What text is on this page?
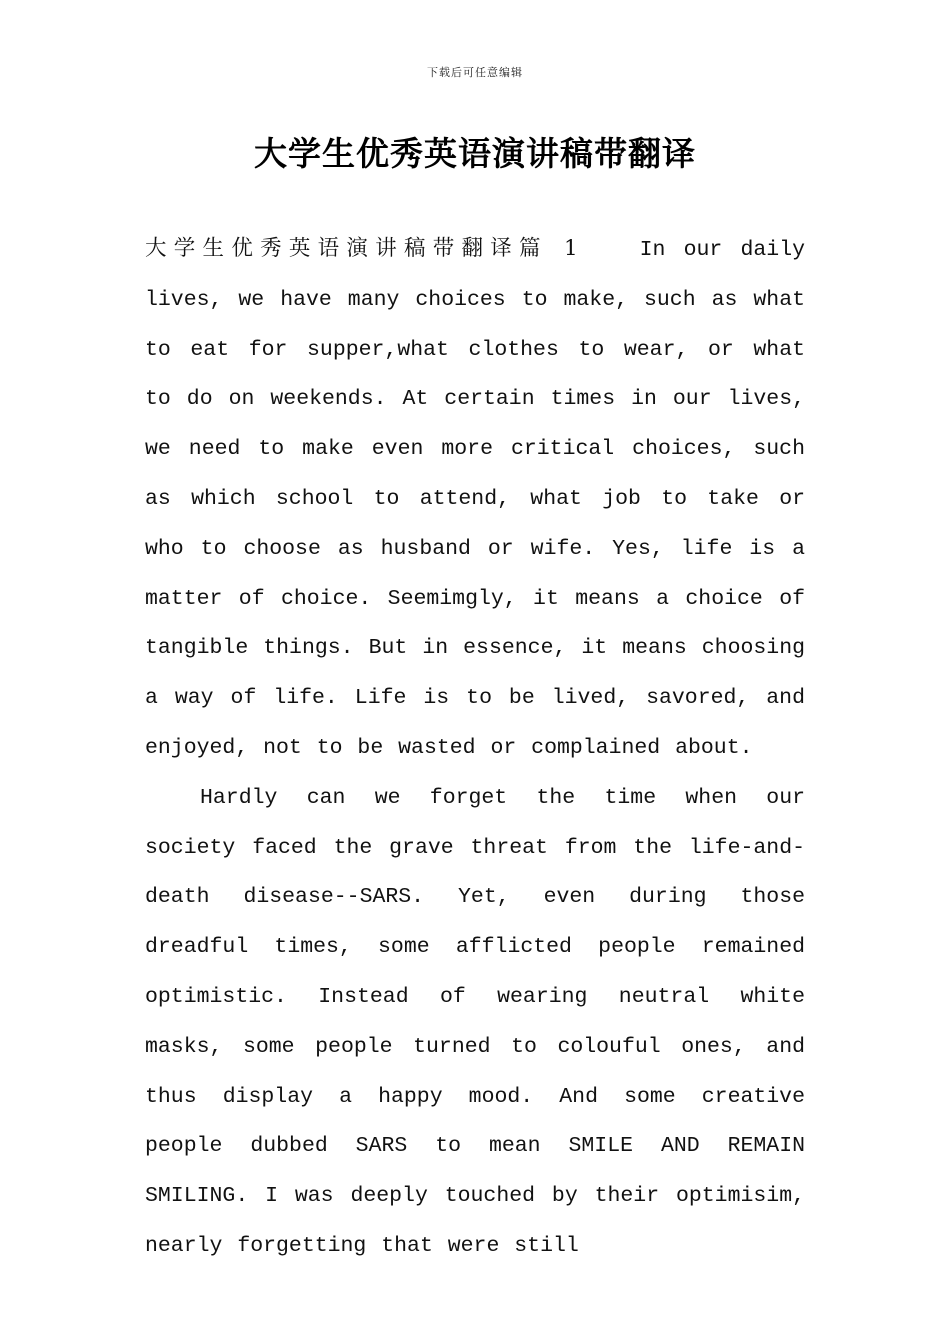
下载后可任意编辑
大学生优秀英语演讲稿带翻译

大学生优秀英语演讲稿带翻译篇 1	In our daily lives, we have many choices to make, such as what to eat for supper,what clothes to wear, or what to do on weekends. At certain times in our lives, we need to make even more critical choices, such as which school to attend, what job to take or who to choose as husband or wife. Yes, life is a matter of choice. Seemimgly, it means a choice of tangible things. But in essence, it means choosing a way of life. Life is to be lived, savored, and enjoyed, not to be wasted or complained about.

Hardly can we forget the time when our society faced the grave threat from the life-and-death disease--SARS. Yet, even during those dreadful times, some afflicted people remained optimistic. Instead of wearing neutral white masks, some people turned to colouful ones, and thus display a happy mood. And some creative people dubbed SARS to mean SMILE AND REMAIN SMILING. I was deeply touched by their optimisim, nearly forgetting that were still
